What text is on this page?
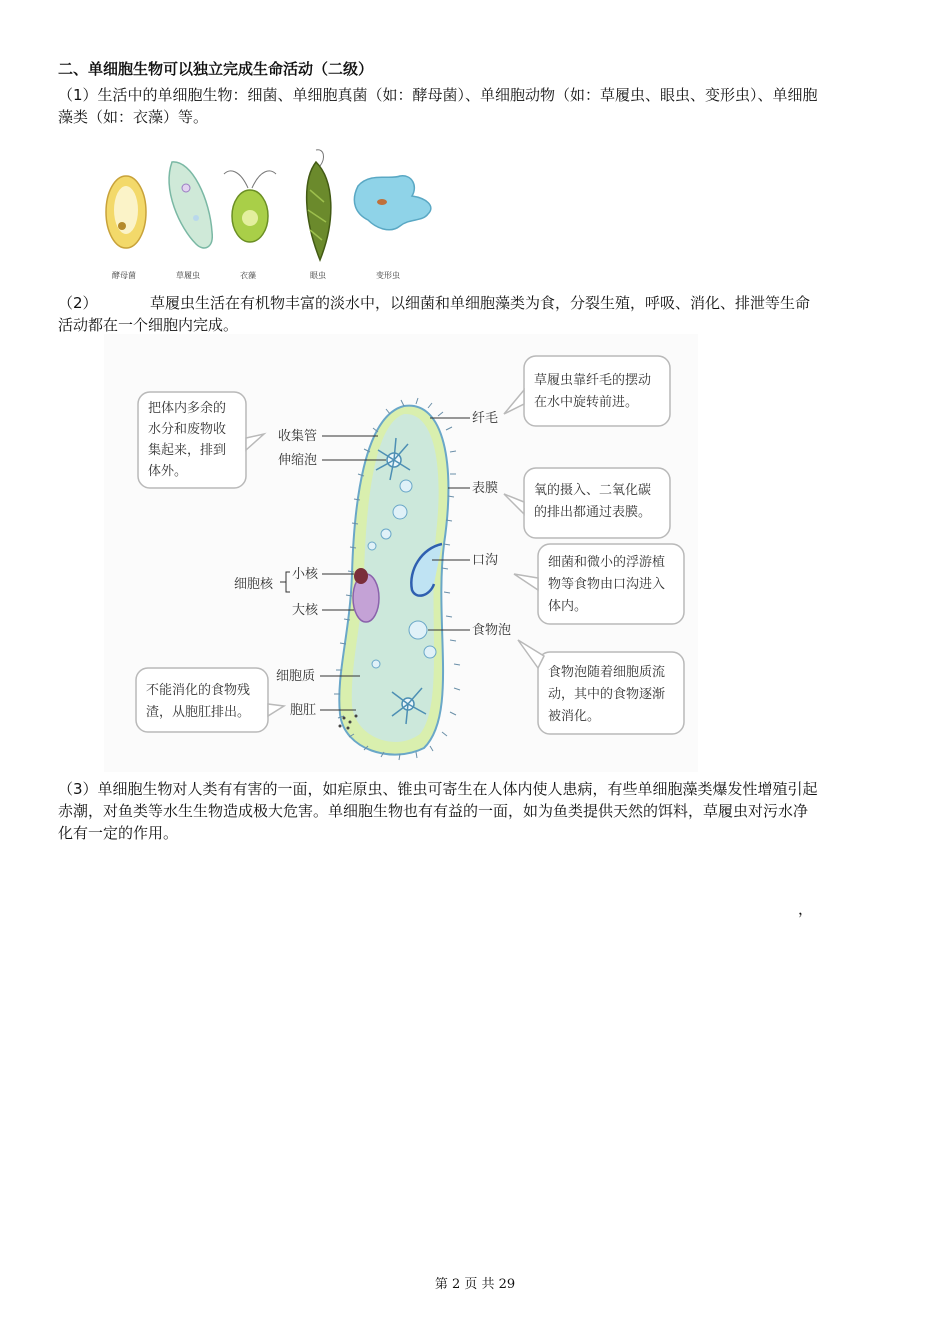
二、单细胞生物可以独立完成生命活动（二级）
（1）生活中的单细胞生物：细菌、单细胞真菌（如：酵母菌）、单细胞动物（如：草履虫、眼虫、变形虫）、单细胞藻类（如：衣藻）等。
酵母菌	草履虫	衣藻	眼虫	变形虫
（2）	草履虫生活在有机物丰富的淡水中，以细菌和单细胞藻类为食，分裂生殖，呼吸、消化、排泄等生命活动都在一个细胞内完成。
收集管
伸缩泡
细胞核
小核
大核
细胞质
胞肛
纤毛
表膜
口沟
食物泡
把体内多余的 水分和废物收 集起来，排到 体外。
不能消化的食物残 渣，从胞肛排出。
草履虫靠纤毛的摆动 在水中旋转前进。
氧的摄入、二氧化碳 的排出都通过表膜。
细菌和微小的浮游植 物等食物由口沟进入 体内。
食物泡随着细胞质流 动，其中的食物逐渐 被消化。
（3）单细胞生物对人类有有害的一面，如疟原虫、锥虫可寄生在人体内使人患病，有些单细胞藻类爆发性增殖引起赤潮，对鱼类等水生生物造成极大危害。单细胞生物也有有益的一面，如为鱼类提供天然的饵料，草履虫对污水净化有一定的作用。
，
第 2 页 共 29
